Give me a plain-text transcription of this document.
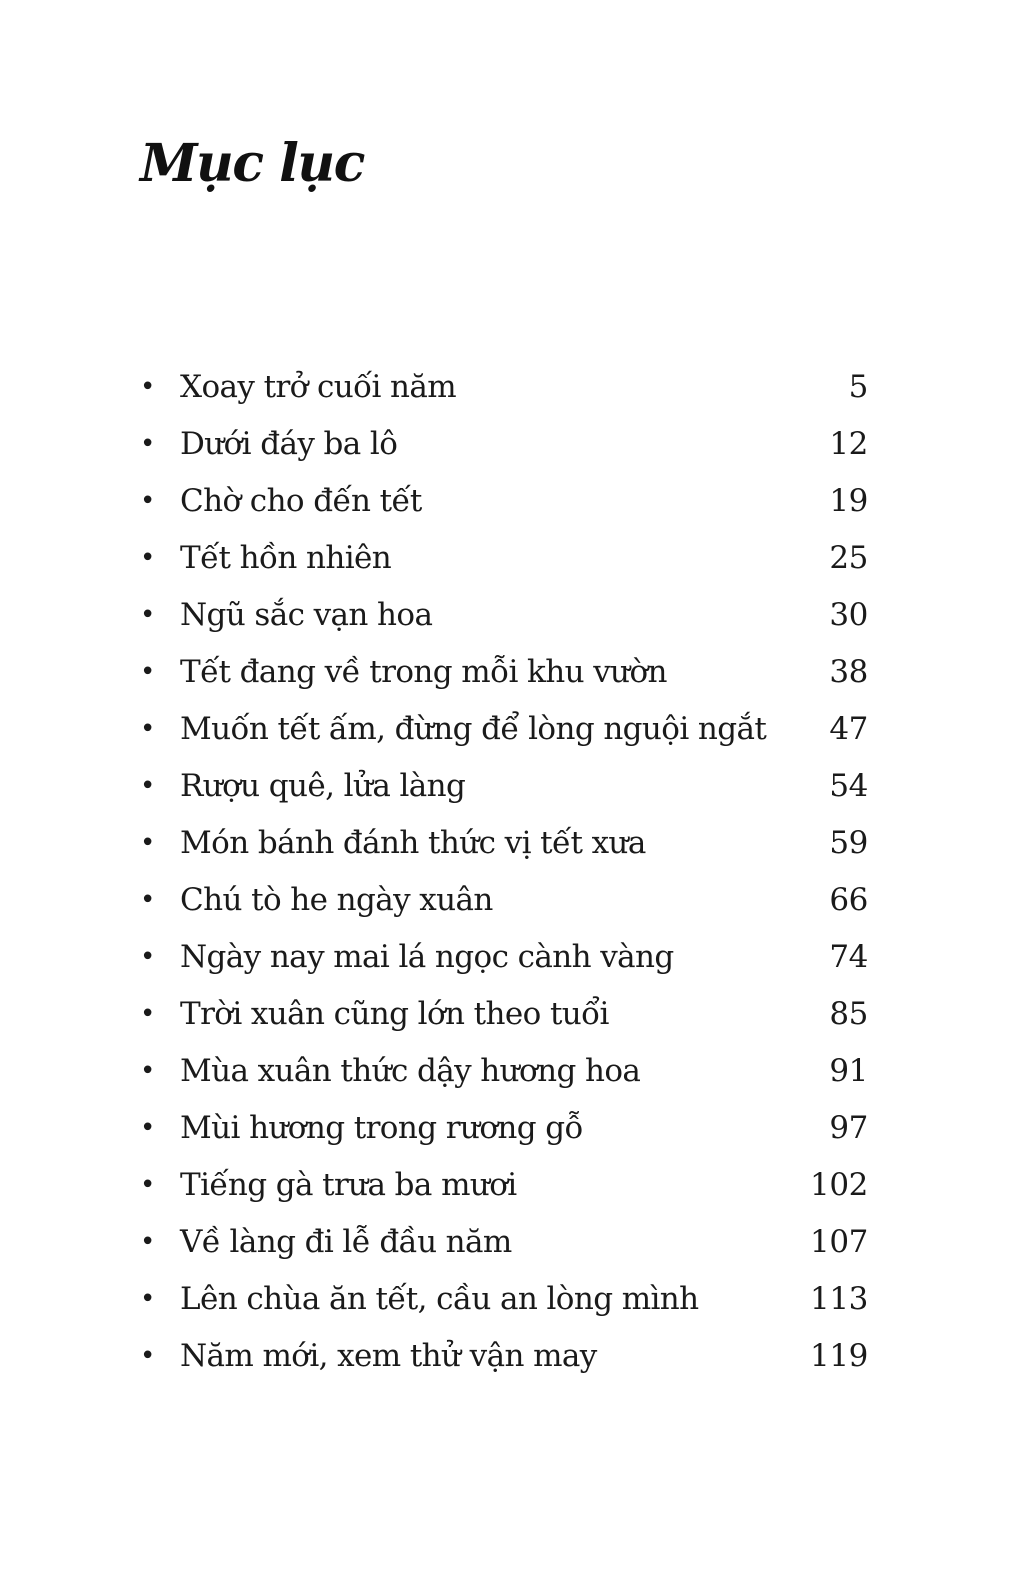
Mục lục
• Xoay trở cuối năm	5
• Dưới đáy ba lô	12
• Chờ cho đến tết	19
• Tết hồn nhiên	25
• Ngũ sắc vạn hoa	30
• Tết đang về trong mỗi khu vườn	38
• Muốn tết ấm, đừng để lòng nguội ngắt 47
• Rượu quê, lửa làng	54
• Món bánh đánh thức vị tết xưa	59
• Chú tò he ngày xuân	66
• Ngày nay mai lá ngọc cành vàng	74
• Trời xuân cũng lớn theo tuổi	85
• Mùa xuân thức dậy hương hoa	91
• Mùi hương trong rương gỗ	97
• Tiếng gà trưa ba mươi	102
• Về làng đi lễ đầu năm	107
• Lên chùa ăn tết, cầu an lòng mình	113
• Năm mới, xem thử vận may	119
